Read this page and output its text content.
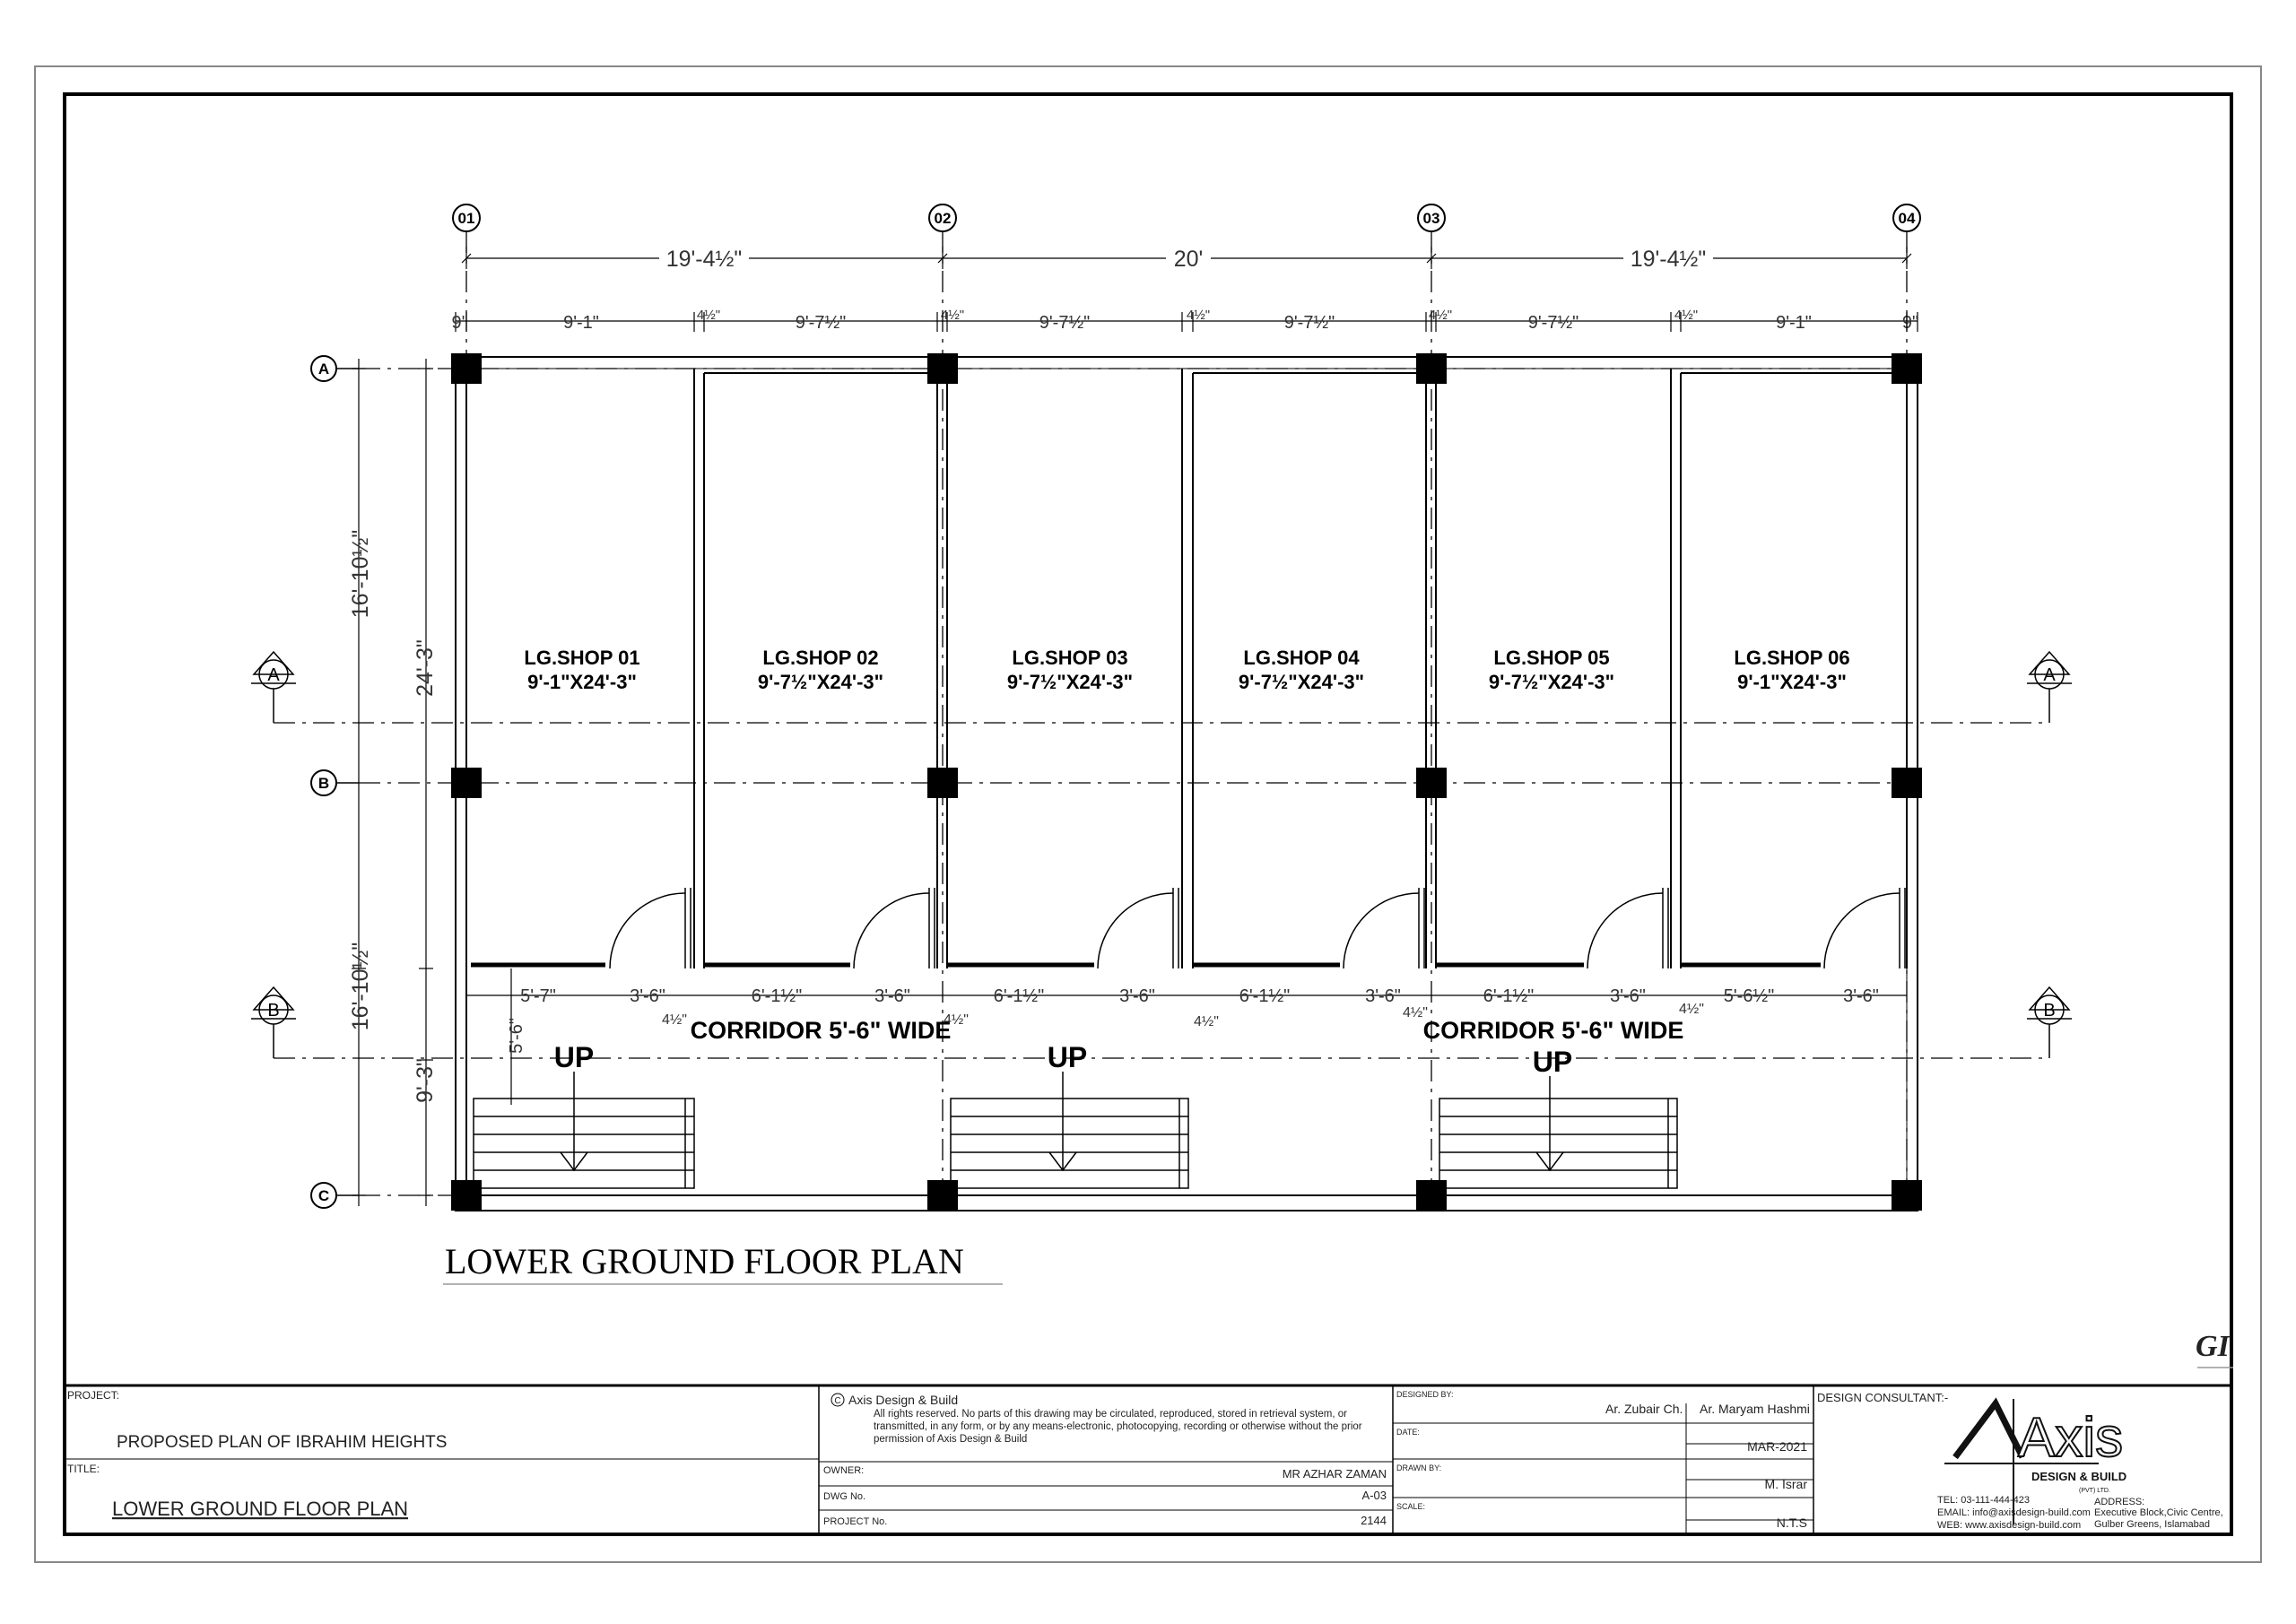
01	02	03	04
A
B
C
19'-4½"	20'	19'-4½"
9'	9'-1"	4½"	9'-7½"	4½"	9'-7½"	4½"	9'-7½"	4½"	9'-7½"	4½"	9'-1"	9"
16'-10½"
24'-3"
16'-10½"
9'-3"
5'-7"	3'-6"	6'-1½"	3'-6"	6'-1½"	3'-6"	6'-1½"	3'-6"	6'-1½"	3'-6"	5'-6½"	3'-6"
4½"	4½"	4½"
4½"	4½"
5'-6"
LG.SHOP 01
9'-1"X24'-3"
LG.SHOP 02
9'-7½"X24'-3"
LG.SHOP 03
9'-7½"X24'-3"
LG.SHOP 04
9'-7½"X24'-3"
LG.SHOP 05
9'-7½"X24'-3"
LG.SHOP 06
9'-1"X24'-3"
CORRIDOR 5'-6" WIDE	CORRIDOR 5'-6" WIDE
UP	UP	UP
A	A
B	B
LOWER GROUND FLOOR PLAN
GI
PROJECT:
PROPOSED PLAN OF IBRAHIM HEIGHTS
TITLE:
LOWER GROUND FLOOR PLAN
C Axis Design & Build
All rights reserved. No parts of this drawing may be circulated, reproduced, stored in retrieval system, or transmitted, in any form, or by any means-electronic, photocopying, recording or otherwise without the prior permission of Axis Design & Build
OWNER:	MR AZHAR ZAMAN
DWG No.	A-03
PROJECT No.	2144
DESIGNED BY:
Ar. Zubair Ch. Ar. Maryam Hashmi
DATE:
MAR-2021
DRAWN BY:
M. Israr
SCALE:
N.T.S
DESIGN CONSULTANT:-
Axis
DESIGN & BUILD
(PVT) LTD.
TEL: 03-111-444-423
EMAIL: info@axisdesign-build.com
WEB: www.axisdesign-build.com
ADDRESS:
Executive Block,Civic Centre,
Gulber Greens, Islamabad
